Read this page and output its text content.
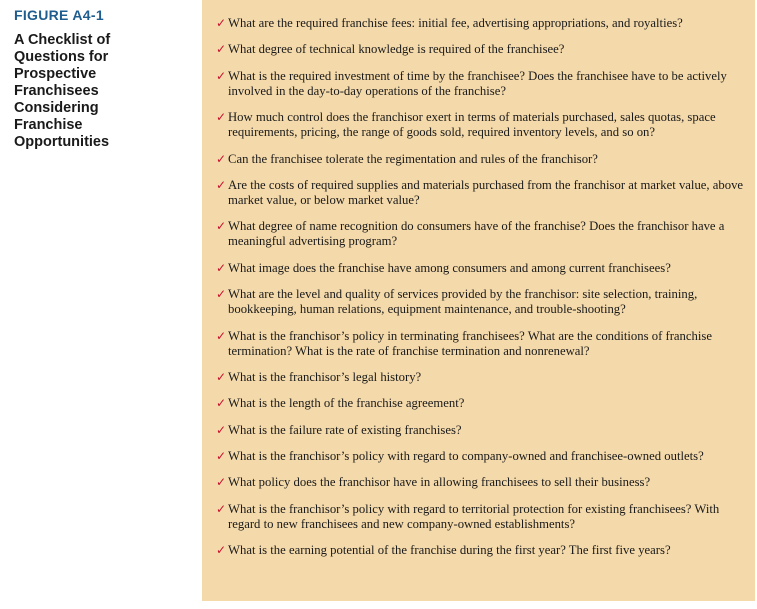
FIGURE A4-1
A Checklist of Questions for Prospective Franchisees Considering Franchise Opportunities
✓ What are the required franchise fees: initial fee, advertising appropriations, and royalties?
✓ What degree of technical knowledge is required of the franchisee?
✓ What is the required investment of time by the franchisee? Does the franchisee have to be actively involved in the day-to-day operations of the franchise?
✓ How much control does the franchisor exert in terms of materials purchased, sales quotas, space requirements, pricing, the range of goods sold, required inventory levels, and so on?
✓ Can the franchisee tolerate the regimentation and rules of the franchisor?
✓ Are the costs of required supplies and materials purchased from the franchisor at market value, above market value, or below market value?
✓ What degree of name recognition do consumers have of the franchise? Does the franchisor have a meaningful advertising program?
✓ What image does the franchise have among consumers and among current franchisees?
✓ What are the level and quality of services provided by the franchisor: site selection, training, bookkeeping, human relations, equipment maintenance, and trouble-shooting?
✓ What is the franchisor’s policy in terminating franchisees? What are the conditions of franchise termination? What is the rate of franchise termination and nonrenewal?
✓ What is the franchisor’s legal history?
✓ What is the length of the franchise agreement?
✓ What is the failure rate of existing franchises?
✓ What is the franchisor’s policy with regard to company-owned and franchisee-owned outlets?
✓ What policy does the franchisor have in allowing franchisees to sell their business?
✓ What is the franchisor’s policy with regard to territorial protection for existing franchisees? With regard to new franchisees and new company-owned establishments?
✓ What is the earning potential of the franchise during the first year? The first five years?
